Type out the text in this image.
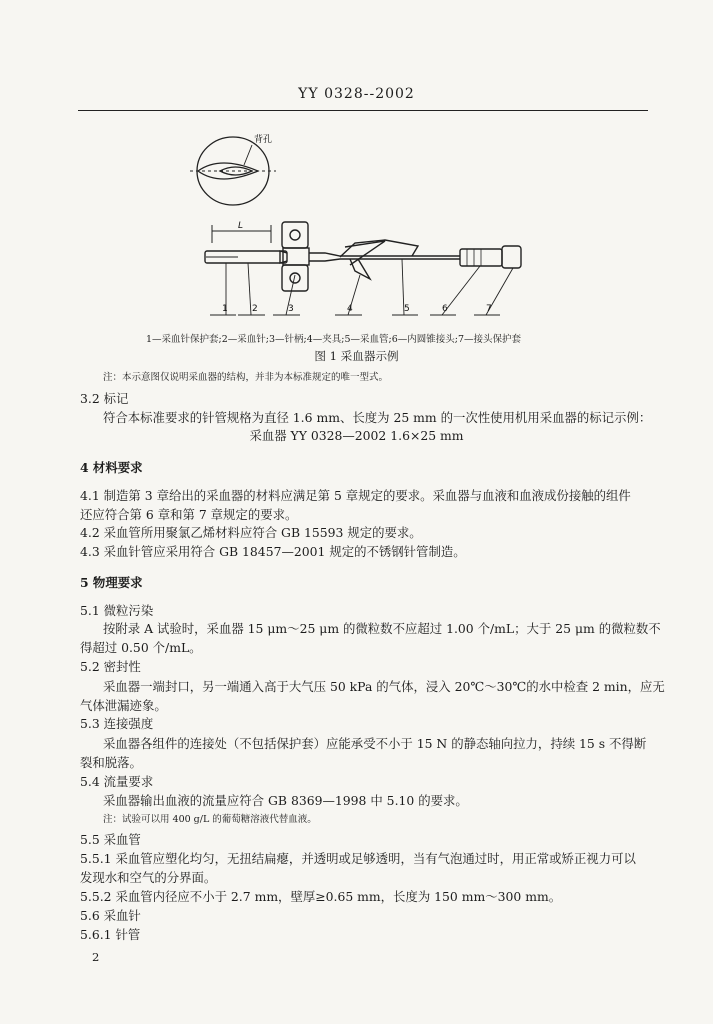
YY 0328--2002
背孔
L
1	2	3	4	5	6	7
1—采血针保护套;2—采血针;3—针柄;4—夹具;5—采血管;6—内圆锥接头;7—接头保护套
图 1 采血器示例
注：本示意图仅说明采血器的结构，并非为本标准规定的唯一型式。
3.2 标记
符合本标准要求的针管规格为直径 1.6 mm、长度为 25 mm 的一次性使用机用采血器的标记示例：
采血器 YY 0328—2002 1.6×25 mm
4 材料要求
4.1 制造第 3 章给出的采血器的材料应满足第 5 章规定的要求。采血器与血液和血液成份接触的组件
还应符合第 6 章和第 7 章规定的要求。
4.2 采血管所用聚氯乙烯材料应符合 GB 15593 规定的要求。
4.3 采血针管应采用符合 GB 18457—2001 规定的不锈钢针管制造。
5 物理要求
5.1 微粒污染
按附录 A 试验时，采血器 15 μm～25 μm 的微粒数不应超过 1.00 个/mL；大于 25 μm 的微粒数不
得超过 0.50 个/mL。
5.2 密封性
采血器一端封口，另一端通入高于大气压 50 kPa 的气体，浸入 20℃～30℃的水中检查 2 min，应无
气体泄漏迹象。
5.3 连接强度
采血器各组件的连接处（不包括保护套）应能承受不小于 15 N 的静态轴向拉力，持续 15 s 不得断
裂和脱落。
5.4 流量要求
采血器输出血液的流量应符合 GB 8369—1998 中 5.10 的要求。
注：试验可以用 400 g/L 的葡萄糖溶液代替血液。
5.5 采血管
5.5.1 采血管应塑化均匀，无扭结扁瘪，并透明或足够透明，当有气泡通过时，用正常或矫正视力可以
发现水和空气的分界面。
5.5.2 采血管内径应不小于 2.7 mm，壁厚≥0.65 mm，长度为 150 mm～300 mm。
5.6 采血针
5.6.1 针管
2
